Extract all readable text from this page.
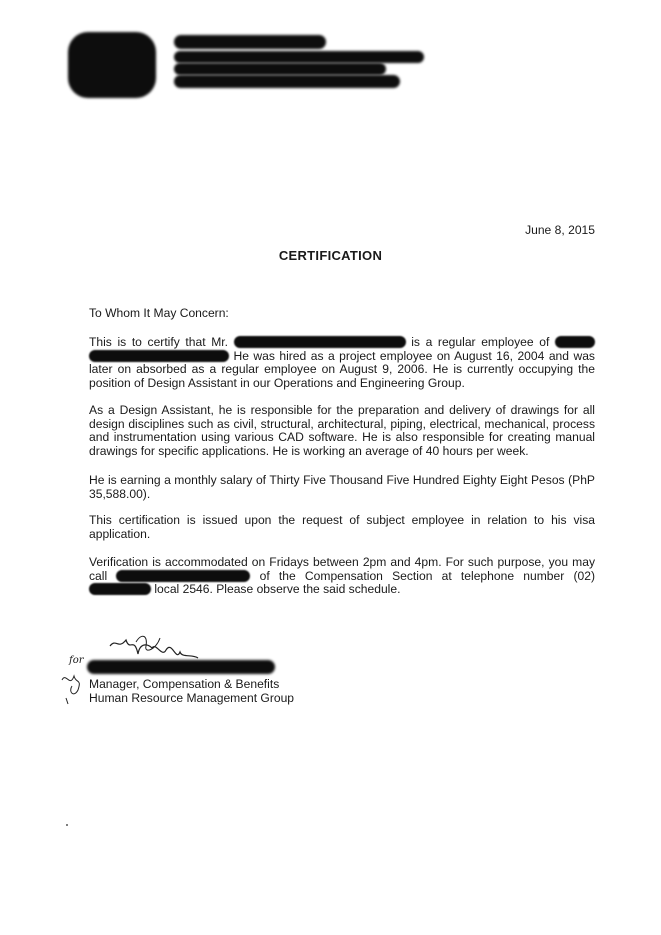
June 8, 2015
CERTIFICATION
To Whom It May Concern:
This is to certify that Mr.	is a regular employee of   He was hired as a project employee on August 16, 2004 and was later on absorbed as a regular employee on August 9, 2006. He is currently occupying the position of Design Assistant in our Operations and Engineering Group.
As a Design Assistant, he is responsible for the preparation and delivery of drawings for all design disciplines such as civil, structural, architectural, piping, electrical, mechanical, process and instrumentation using various CAD software. He is also responsible for creating manual drawings for specific applications. He is working an average of 40 hours per week.
He is earning a monthly salary of Thirty Five Thousand Five Hundred Eighty Eight Pesos (PhP 35,588.00).
This certification is issued upon the request of subject employee in relation to his visa application.
Verification is accommodated on Fridays between 2pm and 4pm. For such purpose, you may call	of the Compensation Section at telephone number (02)  local 2546. Please observe the said schedule.
for
Manager, Compensation & Benefits
Human Resource Management Group
